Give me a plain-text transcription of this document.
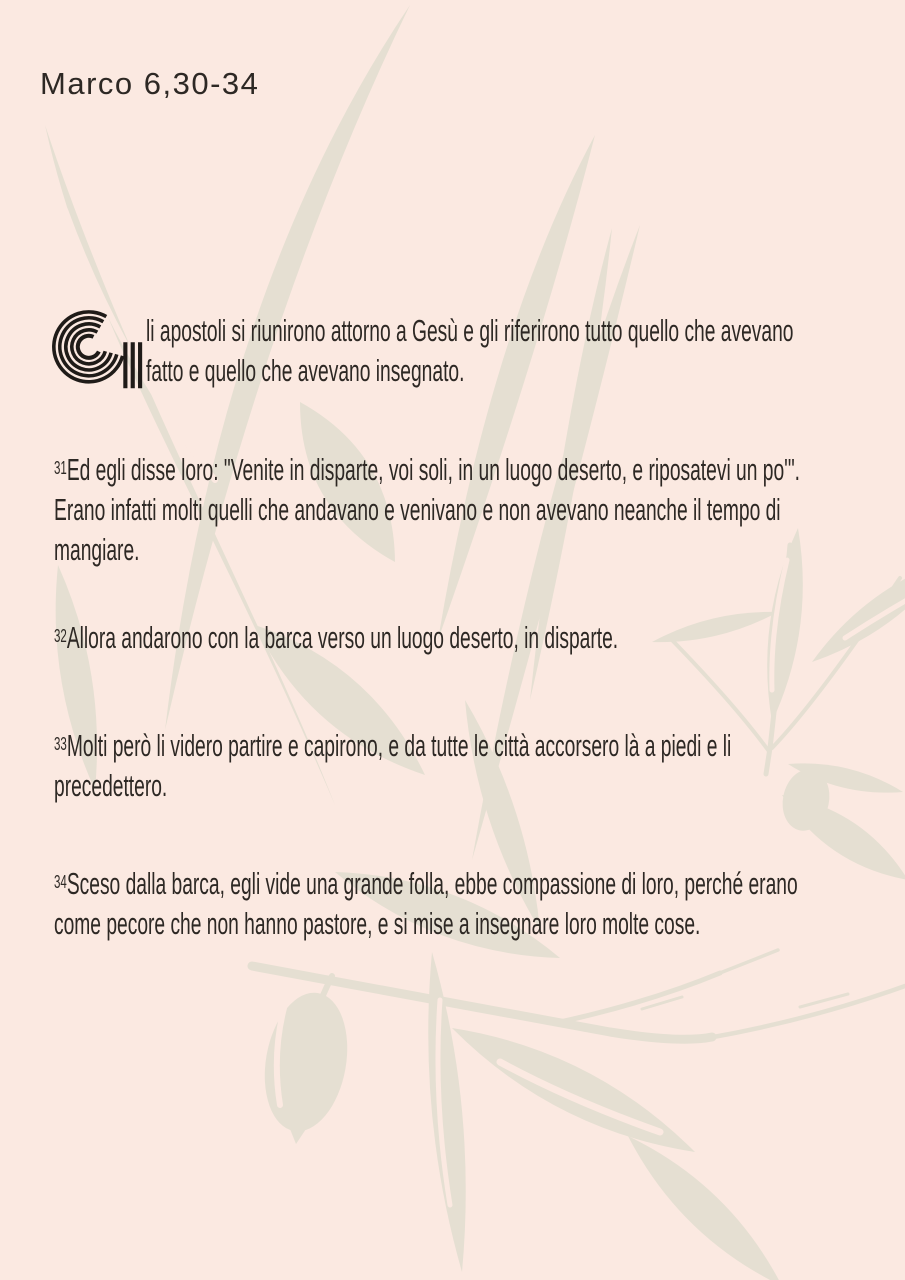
Marco 6,30-34
li apostoli si riunirono attorno a Gesù e gli riferirono tutto quello che avevano
fatto e quello che avevano insegnato.
$^{31}$Ed egli disse loro: "Venite in disparte, voi soli, in un luogo deserto, e riposatevi un po'".
Erano infatti molti quelli che andavano e venivano e non avevano neanche il tempo di
mangiare.
$^{32}$Allora andarono con la barca verso un luogo deserto, in disparte.
$^{33}$Molti però li videro partire e capirono, e da tutte le città accorsero là a piedi e li
precedettero.
$^{34}$Sceso dalla barca, egli vide una grande folla, ebbe compassione di loro, perché erano
come pecore che non hanno pastore, e si mise a insegnare loro molte cose.
